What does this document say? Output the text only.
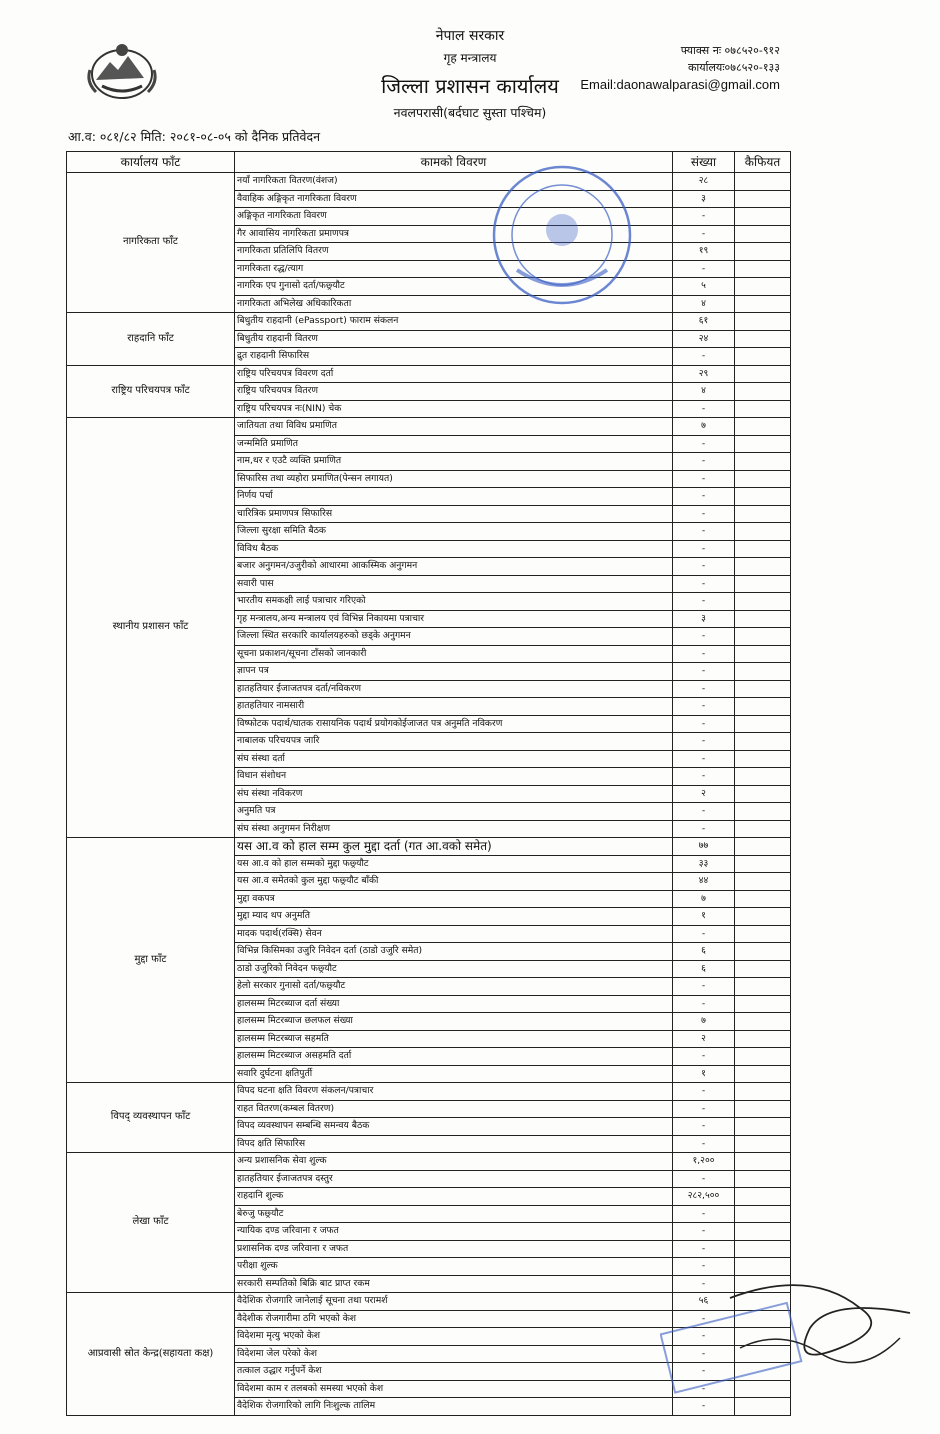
नेपाल सरकार
गृह मन्त्रालय
जिल्ला प्रशासन कार्यालय
नवलपरासी(बर्दघाट सुस्ता पश्चिम)
फ्याक्स नः ०७८५२०-९१२
कार्यालयः०७८५२०-१३३
Email:daonawalparasi@gmail.com
आ.व: ०८१/८२ मिति: २०८१-०८-०५ को दैनिक प्रतिवेदन
कार्यालय फाँट	कामको विवरण	संख्या	कैफियत
नागरिकता फाँट	नयाँ नागरिकता वितरण(वंशज)	२८	
	वैवाहिक अङ्गिकृत नागरिकता विवरण	३	
	अङ्गिकृत नागरिकता विवरण	-	
	गैर आवासिय नागरिकता प्रमाणपत्र	-	
	नागरिकता प्रतिलिपि वितरण	१९	
	नागरिकता रद्ध/त्याग	-	
	नागरिक एप गुनासो दर्ता/फछ्र्यौट	५	
	नागरिकता अभिलेख अधिकारिकता	४	
राहदानि फाँट	बिधुतीय राहदानी (ePassport) फाराम संकलन	६१	
	बिधुतीय राहदानी वितरण	२४	
	द्रुत राहदानी सिफारिस	-	
राष्ट्रिय परिचयपत्र फाँट	राष्ट्रिय परिचयपत्र विवरण दर्ता	२९	
	राष्ट्रिय परिचयपत्र वितरण	४	
	राष्ट्रिय परिचयपत्र नः(NIN) चेक	-	
स्थानीय प्रशासन फाँट	जातियता तथा विविध प्रमाणित	७	
	जन्ममिति प्रमाणित	-	
	नाम,थर र एउटै व्यक्ति प्रमाणित	-	
	सिफारिस तथा व्यहोरा प्रमाणित(पेन्सन लगायत)	-	
	निर्णय पर्चा	-	
	चारित्रिक प्रमाणपत्र सिफारिस	-	
	जिल्ला सुरक्षा समिति बैठक	-	
	विविध बैठक	-	
	बजार अनुगमन/उजुरीको आधारमा आकस्मिक अनुगमन	-	
	सवारी पास	-	
	भारतीय समकक्षी लाई पत्राचार गरिएको	-	
	गृह मन्त्रालय,अन्य मन्त्रालय एवं विभिन्न निकायमा पत्राचार	३	
	जिल्ला स्थित सरकारि कार्यालयहरुको छड्के अनुगमन	-	
	सूचना प्रकाशन/सूचना टाँसको जानकारी	-	
	ज्ञापन पत्र	-	
	हातहतियार ईजाजतपत्र दर्ता/नविकरण	-	
	हातहतियार नामसारी	-	
	विष्फोटक पदार्थ/घातक रासायनिक पदार्थ प्रयोगकोईजाजत पत्र अनुमति नविकरण	-	
	नाबालक परिचयपत्र जारि	-	
	संघ संस्था दर्ता	-	
	विधान संशोधन	-	
	संघ संस्था नविकरण	२	
	अनुमति पत्र	-	
	संघ संस्था अनुगमन निरीक्षण	-	
मुद्दा फाँट	यस आ.व को हाल सम्म कुल मुद्दा दर्ता (गत आ.वको समेत)	७७	
	यस आ.व को हाल सम्मको मुद्दा फछ्र्यौट	३३	
	यस आ.व समेतको कुल मुद्दा फछ्र्यौट बाँकी	४४	
	मुद्दा वकपत्र	७	
	मुद्दा म्याद थप अनुमति	१	
	मादक पदार्थ(रक्सि) सेवन	-	
	विभिन्न किसिमका उजुरि निवेदन दर्ता (ठाडो उजुरि समेत)	६	
	ठाडो उजुरिको निवेदन फछ्र्यौट	६	
	हेलो सरकार गुनासो दर्ता/फछ्र्यौट	-	
	हालसम्म मिटरब्याज दर्ता संख्या	-	
	हालसम्म मिटरब्याज छलफल संख्या	७	
	हालसम्म मिटरब्याज सहमति	२	
	हालसम्म मिटरब्याज असहमति दर्ता	-	
	सवारि दुर्घटना क्षतिपुर्ती	१	
विपद् व्यवस्थापन फाँट	विपद घटना क्षति विवरण संकलन/पत्राचार	-	
	राहत वितरण(कम्बल वितरण)	-	
	विपद व्यवस्थापन सम्बन्धि समन्वय बैठक	-	
	विपद क्षति सिफारिस	-	
लेखा फाँट	अन्य प्रशासनिक सेवा शुल्क	१,२००	
	हातहतियार ईजाजतपत्र दस्तुर	-	
	राहदानि शुल्क	२८२,५००	
	बेरुजु फछ्र्यौट	-	
	न्यायिक दण्ड जरिवाना र जफत	-	
	प्रशासनिक दण्ड जरिवाना र जफत	-	
	परीक्षा शुल्क	-	
	सरकारी सम्पतिको बिक्रि बाट प्राप्त रकम	-	
आप्रवासी स्रोत केन्द्र(सहायता कक्ष)	वैदेशिक रोजगारि जानेलाई सूचना तथा परामर्श	५६	
	वैदेशीक रोजगारीमा ठगि भएको केश	-	
	विदेशमा मृत्यु भएको केश	-	
	विदेशमा जेल परेको केश	-	
	तत्काल उद्धार गर्नुपर्ने केश	-	
	विदेशमा काम र तलबको समस्या भएको केश	-	
	वैदेशिक रोजगारिको लागि निःशुल्क तालिम	-	
